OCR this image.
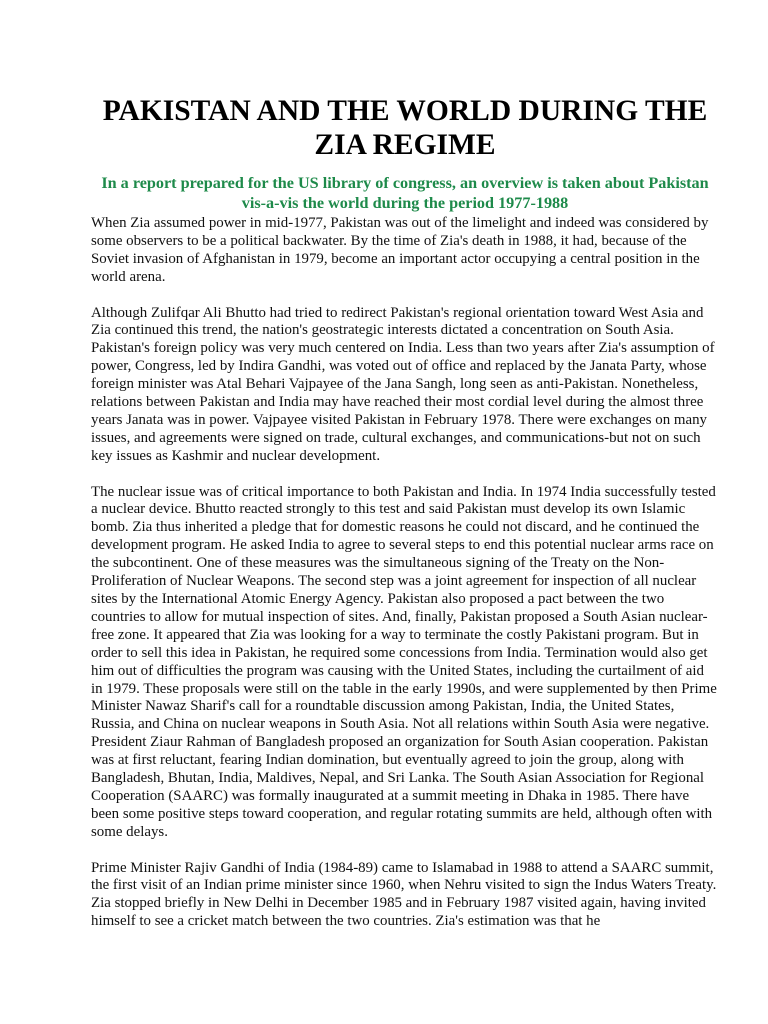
PAKISTAN AND THE WORLD DURING THE ZIA REGIME
In a report prepared for the US library of congress, an overview is taken about Pakistan vis-a-vis the world during the period 1977-1988

When Zia assumed power in mid-1977, Pakistan was out of the limelight and indeed was considered by some observers to be a political backwater. By the time of Zia's death in 1988, it had, because of the Soviet invasion of Afghanistan in 1979, become an important actor occupying a central position in the world arena.

Although Zulifqar Ali Bhutto had tried to redirect Pakistan's regional orientation toward West Asia and Zia continued this trend, the nation's geostrategic interests dictated a concentration on South Asia. Pakistan's foreign policy was very much centered on India. Less than two years after Zia's assumption of power, Congress, led by Indira Gandhi, was voted out of office and replaced by the Janata Party, whose foreign minister was Atal Behari Vajpayee of the Jana Sangh, long seen as anti-Pakistan. Nonetheless, relations between Pakistan and India may have reached their most cordial level during the almost three years Janata was in power. Vajpayee visited Pakistan in February 1978. There were exchanges on many issues, and agreements were signed on trade, cultural exchanges, and communications-but not on such key issues as Kashmir and nuclear development.

The nuclear issue was of critical importance to both Pakistan and India. In 1974 India successfully tested a nuclear device. Bhutto reacted strongly to this test and said Pakistan must develop its own Islamic bomb. Zia thus inherited a pledge that for domestic reasons he could not discard, and he continued the development program. He asked India to agree to several steps to end this potential nuclear arms race on the subcontinent. One of these measures was the simultaneous signing of the Treaty on the Non-Proliferation of Nuclear Weapons. The second step was a joint agreement for inspection of all nuclear sites by the International Atomic Energy Agency. Pakistan also proposed a pact between the two countries to allow for mutual inspection of sites. And, finally, Pakistan proposed a South Asian nuclear-free zone. It appeared that Zia was looking for a way to terminate the costly Pakistani program. But in order to sell this idea in Pakistan, he required some concessions from India. Termination would also get him out of difficulties the program was causing with the United States, including the curtailment of aid in 1979. These proposals were still on the table in the early 1990s, and were supplemented by then Prime Minister Nawaz Sharif's call for a roundtable discussion among Pakistan, India, the United States, Russia, and China on nuclear weapons in South Asia. Not all relations within South Asia were negative. President Ziaur Rahman of Bangladesh proposed an organization for South Asian cooperation. Pakistan was at first reluctant, fearing Indian domination, but eventually agreed to join the group, along with Bangladesh, Bhutan, India, Maldives, Nepal, and Sri Lanka. The South Asian Association for Regional Cooperation (SAARC) was formally inaugurated at a summit meeting in Dhaka in 1985. There have been some positive steps toward cooperation, and regular rotating summits are held, although often with some delays.

Prime Minister Rajiv Gandhi of India (1984-89) came to Islamabad in 1988 to attend a SAARC summit, the first visit of an Indian prime minister since 1960, when Nehru visited to sign the Indus Waters Treaty. Zia stopped briefly in New Delhi in December 1985 and in February 1987 visited again, having invited himself to see a cricket match between the two countries. Zia's estimation was that he
